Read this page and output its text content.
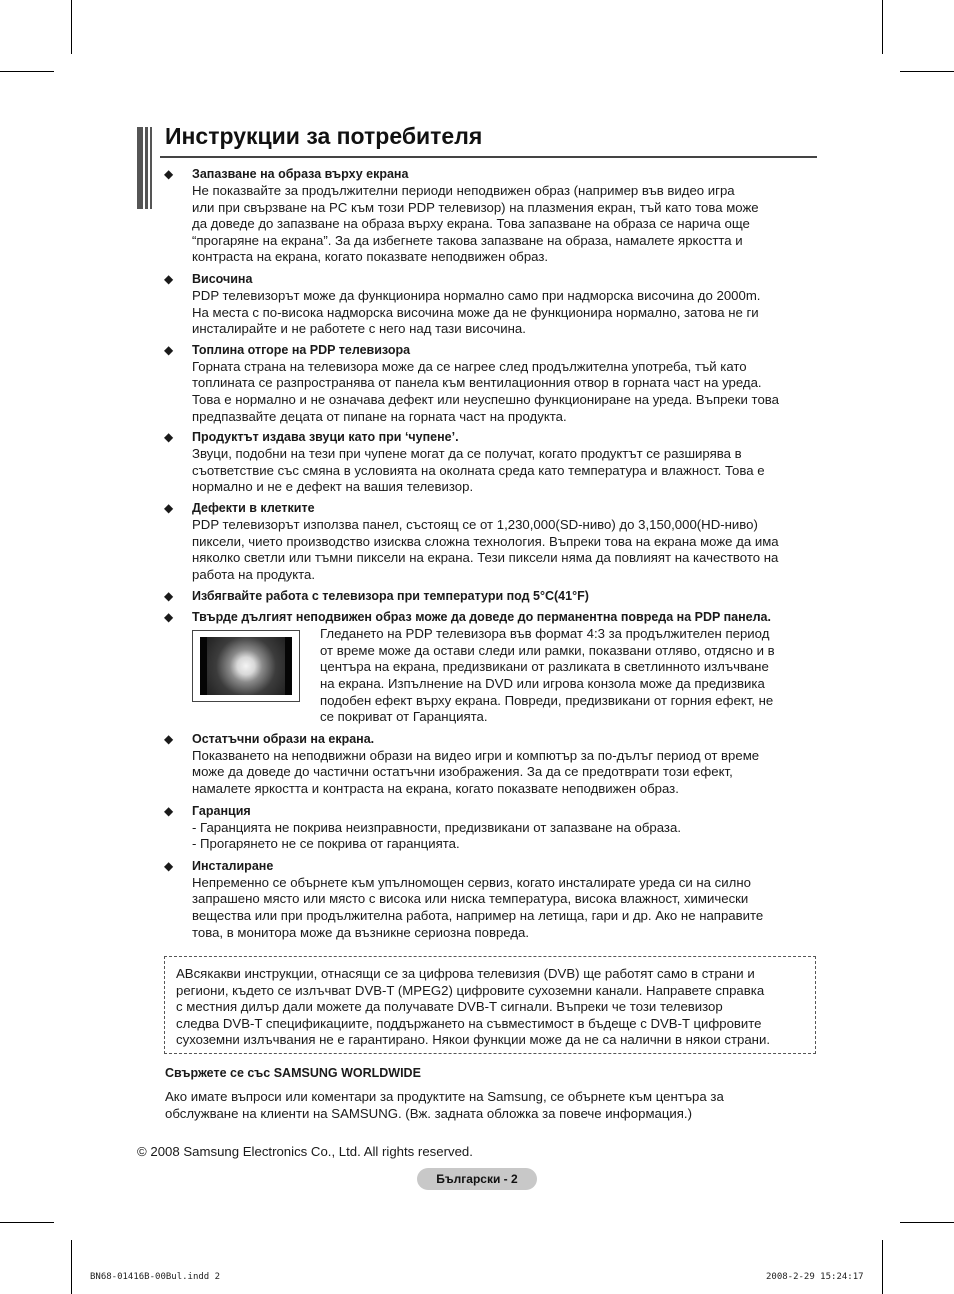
Инструкции за потребителя
◆ Запазване на образа върху екрана
Не показвайте за продължителни периоди неподвижен образ (например във видео игра
или при свързване на PC към този PDP телевизор) на плазмения екран, тъй като това може
да доведе до запазване на образа върху екрана. Това запазване на образа се нарича още
“прогаряне на екрана”. За да избегнете такова запазване на образа, намалете яркостта и
контраста на екрана, когато показвате неподвижен образ.
◆ Височина
PDP телевизорът може да функционира нормално само при надморска височина до 2000m.
На места с по-висока надморска височина може да не функционира нормално, затова не ги
инсталирайте и не работете с него над тази височина.
◆ Топлина отгоре на PDP телевизора
Горната страна на телевизора може да се нагрее след продължителна употреба, тъй като
топлината се разпространява от панела към вентилационния отвор в горната част на уреда.
Това е нормално и не означава дефект или неуспешно функциониране на уреда. Въпреки това
предпазвайте децата от пипане на горната част на продукта.
◆ Продуктът издава звуци като при ‘чупене’.
Звуци, подобни на тези при чупене могат да се получат, когато продуктът се разширява в
съответствие със смяна в условията на околната среда като температура и влажност. Това е
нормално и не е дефект на вашия телевизор.
◆ Дефекти в клетките
PDP телевизорът използва панел, състоящ се от 1,230,000(SD-ниво) до 3,150,000(HD-ниво)
пиксели, чието производство изисква сложна технология. Въпреки това на екрана може да има
няколко светли или тъмни пиксели на екрана. Тези пиксели няма да повлияят на качеството на
работа на продукта.
◆ Избягвайте работа с телевизора при температури под 5°C(41°F)
◆ Твърде дългият неподвижен образ може да доведе до перманентна повреда на PDP панела.
Гледането на PDP телевизора във формат 4:3 за продължителен период
от време може да остави следи или рамки, показвани отляво, отдясно и в
центъра на екрана, предизвикани от разликата в светлинното излъчване
на екрана. Изпълнение на DVD или игрова конзола може да предизвика
подобен ефект върху екрана. Повреди, предизвикани от горния ефект, не
се покриват от Гаранцията.
◆ Остатъчни образи на екрана.
Показването на неподвижни образи на видео игри и компютър за по-дълъг период от време
може да доведе до частични остатъчни изображения. За да се предотврати този ефект,
намалете яркостта и контраста на екрана, когато показвате неподвижен образ.
◆ Гаранция
- Гаранцията не покрива неизправности, предизвикани от запазване на образа.
- Прогарянето не се покрива от гаранцията.
◆ Инсталиране
Непременно се обърнете към упълномощен сервиз, когато инсталирате уреда си на силно
запрашено място или място с висока или ниска температура, висока влажност, химически
вещества или при продължителна работа, например на летища, гари и др. Ако не направите
това, в монитора може да възникне сериозна повреда.
АВсякакви инструкции, отнасящи се за цифрова телевизия (DVB) ще работят само в страни и
региони, където се излъчват DVB-T (MPEG2) цифровите сухоземни канали. Направете справка
с местния дилър дали можете да получавате DVB-T сигнали. Въпреки че този телевизор
следва DVB-T спецификациите, поддържането на съвместимост в бъдеще с DVB-T цифровите
сухоземни излъчвания не е гарантирано. Някои функции може да не са налични в някои страни.
Свържете се със SAMSUNG WORLDWIDE
Ако имате въпроси или коментари за продуктите на Samsung, се обърнете към центъра за
обслужване на клиенти на SAMSUNG. (Вж. задната обложка за повече информация.)
© 2008 Samsung Electronics Co., Ltd. All rights reserved.
Български - 2
BN68-01416B-00Bul.indd 2	2008-2-29 15:24:17
